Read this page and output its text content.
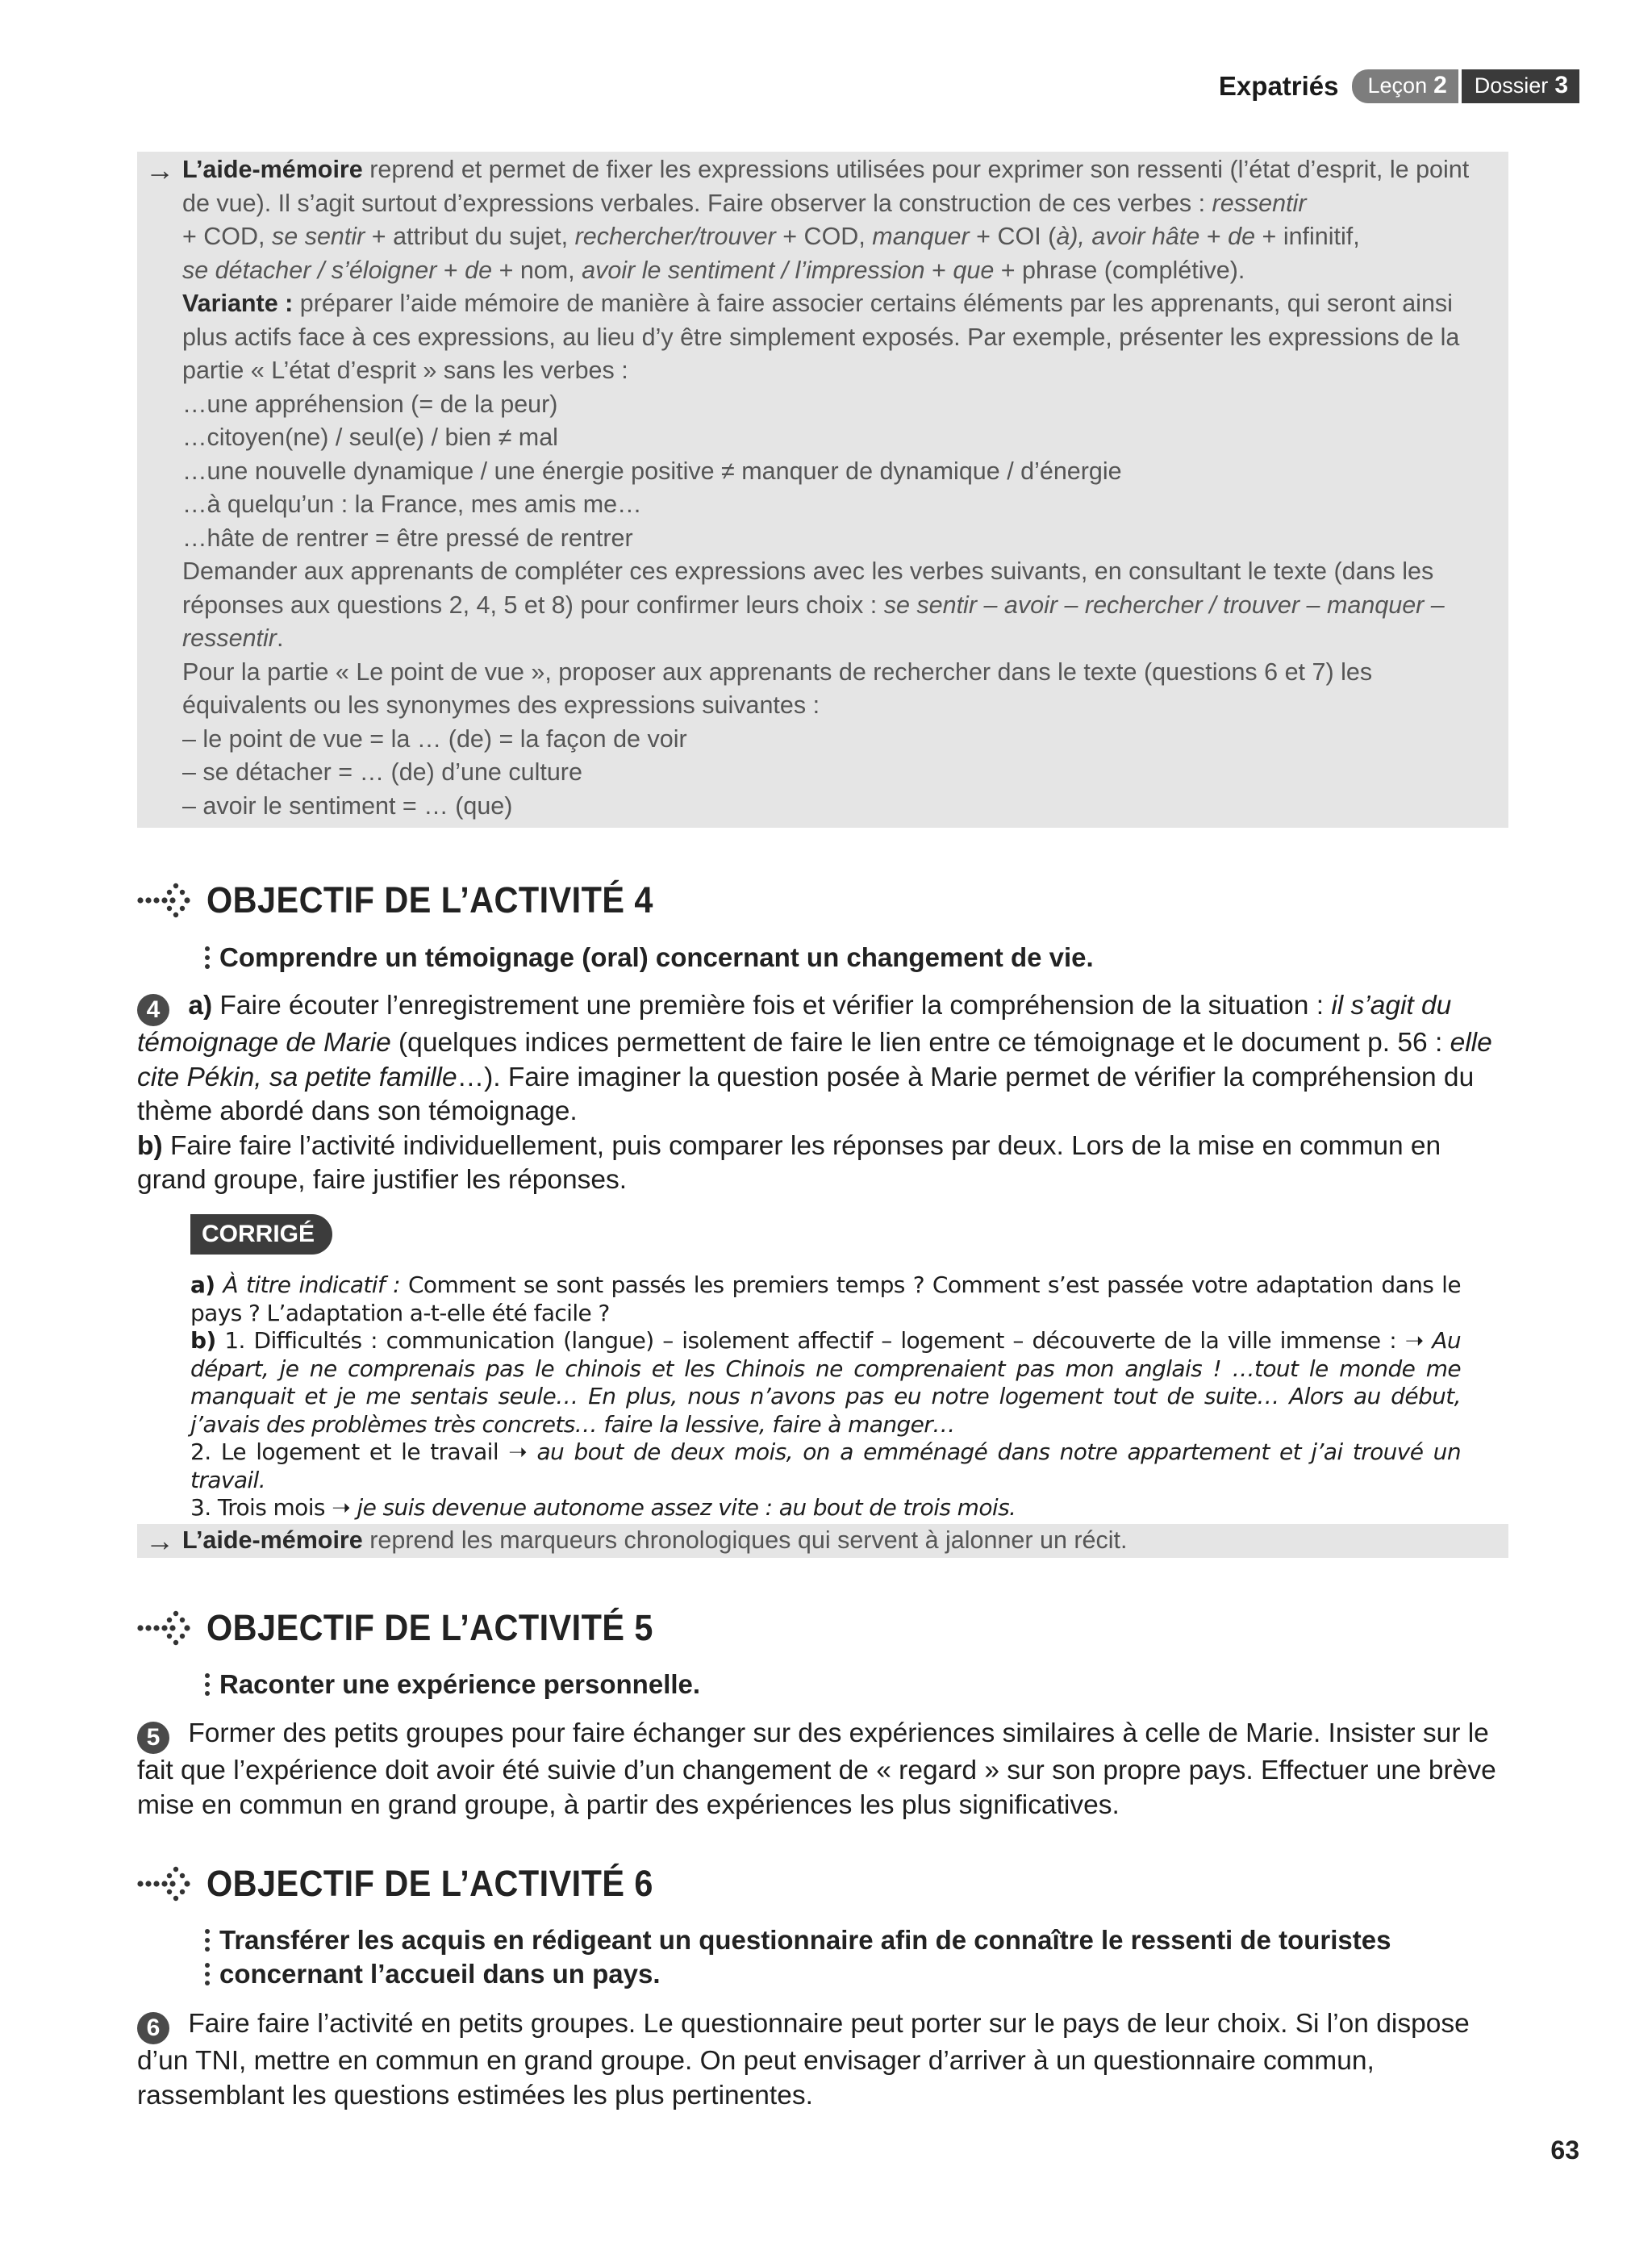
Expatriés Leçon 2 Dossier 3
→ L’aide-mémoire reprend et permet de fixer les expressions utilisées pour exprimer son ressenti (l’état d’esprit, le point de vue). Il s’agit surtout d’expressions verbales. Faire observer la construction de ces verbes : ressentir
+ COD, se sentir + attribut du sujet, rechercher/trouver + COD, manquer + COI (à), avoir hâte + de + infinitif,
se détacher / s’éloigner + de + nom, avoir le sentiment / l’impression + que + phrase (complétive).
Variante : préparer l’aide mémoire de manière à faire associer certains éléments par les apprenants, qui seront ainsi plus actifs face à ces expressions, au lieu d’y être simplement exposés. Par exemple, présenter les expressions de la partie « L’état d’esprit » sans les verbes :
…une appréhension (= de la peur)
…citoyen(ne) / seul(e) / bien ≠ mal
…une nouvelle dynamique / une énergie positive ≠ manquer de dynamique / d’énergie
…à quelqu’un : la France, mes amis me…
…hâte de rentrer = être pressé de rentrer
Demander aux apprenants de compléter ces expressions avec les verbes suivants, en consultant le texte (dans les réponses aux questions 2, 4, 5 et 8) pour confirmer leurs choix : se sentir – avoir – rechercher / trouver – manquer – ressentir.
Pour la partie « Le point de vue », proposer aux apprenants de rechercher dans le texte (questions 6 et 7) les équivalents ou les synonymes des expressions suivantes :
– le point de vue = la … (de) = la façon de voir
– se détacher = … (de) d’une culture
– avoir le sentiment = … (que)
OBJECTIF DE L’ACTIVITÉ 4
Comprendre un témoignage (oral) concernant un changement de vie.
4 a) Faire écouter l’enregistrement une première fois et vérifier la compréhension de la situation : il s’agit du témoignage de Marie (quelques indices permettent de faire le lien entre ce témoignage et le document p. 56 : elle cite Pékin, sa petite famille…). Faire imaginer la question posée à Marie permet de vérifier la compréhension du thème abordé dans son témoignage.
b) Faire faire l’activité individuellement, puis comparer les réponses par deux. Lors de la mise en commun en grand groupe, faire justifier les réponses.
CORRIGÉ

a) À titre indicatif : Comment se sont passés les premiers temps ? Comment s’est passée votre adaptation dans le pays ? L’adaptation a-t-elle été facile ?

b) 1. Difficultés : communication (langue) – isolement affectif – logement – découverte de la ville immense : ➝ Au départ, je ne comprenais pas le chinois et les Chinois ne comprenaient pas mon anglais ! …tout le monde me manquait et je me sentais seule… En plus, nous n’avons pas eu notre logement tout de suite… Alors au début, j’avais des problèmes très concrets… faire la lessive, faire à manger…

2. Le logement et le travail ➝ au bout de deux mois, on a emménagé dans notre appartement et j’ai trouvé un travail.

3. Trois mois ➝ je suis devenue autonome assez vite : au bout de trois mois.

→ L’aide-mémoire reprend les marqueurs chronologiques qui servent à jalonner un récit.
OBJECTIF DE L’ACTIVITÉ 5
Raconter une expérience personnelle.
5 Former des petits groupes pour faire échanger sur des expériences similaires à celle de Marie. Insister sur le fait que l’expérience doit avoir été suivie d’un changement de « regard » sur son propre pays. Effectuer une brève mise en commun en grand groupe, à partir des expériences les plus significatives.
OBJECTIF DE L’ACTIVITÉ 6
Transférer les acquis en rédigeant un questionnaire afin de connaître le ressenti de touristes concernant l’accueil dans un pays.
6 Faire faire l’activité en petits groupes. Le questionnaire peut porter sur le pays de leur choix. Si l’on dispose d’un TNI, mettre en commun en grand groupe. On peut envisager d’arriver à un questionnaire commun, rassemblant les questions estimées les plus pertinentes.
63
